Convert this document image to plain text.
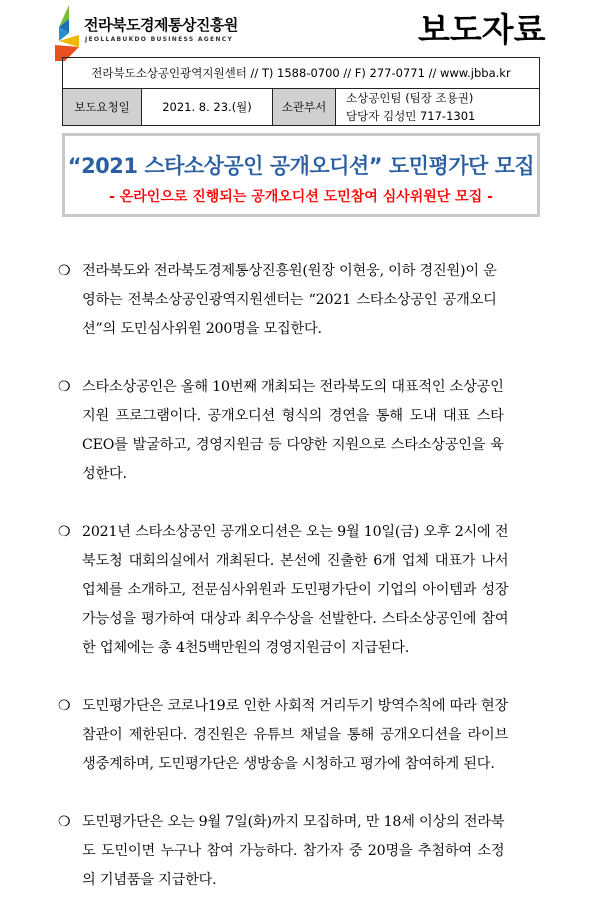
전라북도경제통상진흥원
JEOLLABUKDO BUSINESS AGENCY	보도자료
전라북도소상공인광역지원센터 // T) 1588-0700 // F) 277-0771 // www.jbba.kr
보도요청일	2021. 8. 23.(월)	소관부서	
소상공인팀 (팀장 조용권)
담당자 김성민 717-1301
“2021 스타소상공인 공개오디션” 도민평가단 모집
- 온라인으로 진행되는 공개오디션 도민참여 심사위원단 모집 -
❍ 전라북도와 전라북도경제통상진흥원(원장 이현웅, 이하 경진원)이 운
영하는 전북소상공인광역지원센터는 “2021 스타소상공인 공개오디
션”의 도민심사위원 200명을 모집한다.
❍ 스타소상공인은 올해 10번째 개최되는 전라북도의 대표적인 소상공인
지원 프로그램이다. 공개오디션 형식의 경연을 통해 도내 대표 스타
CEO를 발굴하고, 경영지원금 등 다양한 지원으로 스타소상공인을 육
성한다.
❍ 2021년 스타소상공인 공개오디션은 오는 9월 10일(금) 오후 2시에 전
북도청 대회의실에서 개최된다. 본선에 진출한 6개 업체 대표가 나서
업체를 소개하고, 전문심사위원과 도민평가단이 기업의 아이템과 성장
가능성을 평가하여 대상과 최우수상을 선발한다. 스타소상공인에 참여
한 업체에는 총 4천5백만원의 경영지원금이 지급된다.
❍ 도민평가단은 코로나19로 인한 사회적 거리두기 방역수칙에 따라 현장
참관이 제한된다. 경진원은 유튜브 채널을 통해 공개오디션을 라이브
생중계하며, 도민평가단은 생방송을 시청하고 평가에 참여하게 된다.
❍ 도민평가단은 오는 9월 7일(화)까지 모집하며, 만 18세 이상의 전라북
도 도민이면 누구나 참여 가능하다. 참가자 중 20명을 추첨하여 소정
의 기념품을 지급한다.
